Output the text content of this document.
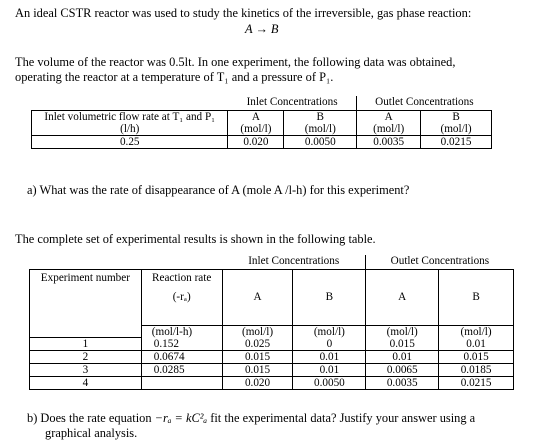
An ideal CSTR reactor was used to study the kinetics of the irreversible, gas phase reaction:

A → B

The volume of the reactor was 0.5lt. In one experiment, the following data was obtained,

operating the reactor at a temperature of T₁ and a pressure of P₁.

	Inlet Concentrations		Outlet Concentrations	
Inlet volumetric flow rate at T₁ and P₁	A	B	A	B
(l/h)	(mol/l)	(mol/l)	(mol/l)	(mol/l)
0.25	0.020	0.0050	0.0035	0.0215

a) What was the rate of disappearance of A (mole A /l-h) for this experiment?

The complete set of experimental results is shown in the following table.

		Inlet Concentrations		Outlet Concentrations	
Experiment number	Reaction rate				
	(-rₐ)	A	B	A	B
	(mol/l-h)	(mol/l)	(mol/l)	(mol/l)	(mol/l)
1	0.152	0.025	0	0.015	0.01
2	0.0674	0.015	0.01	0.01	0.015
3	0.0285	0.015	0.01	0.0065	0.0185
4		0.020	0.0050	0.0035	0.0215

b) Does the rate equation −rₐ = kC²ₐ fit the experimental data? Justify your answer using a

graphical analysis.
